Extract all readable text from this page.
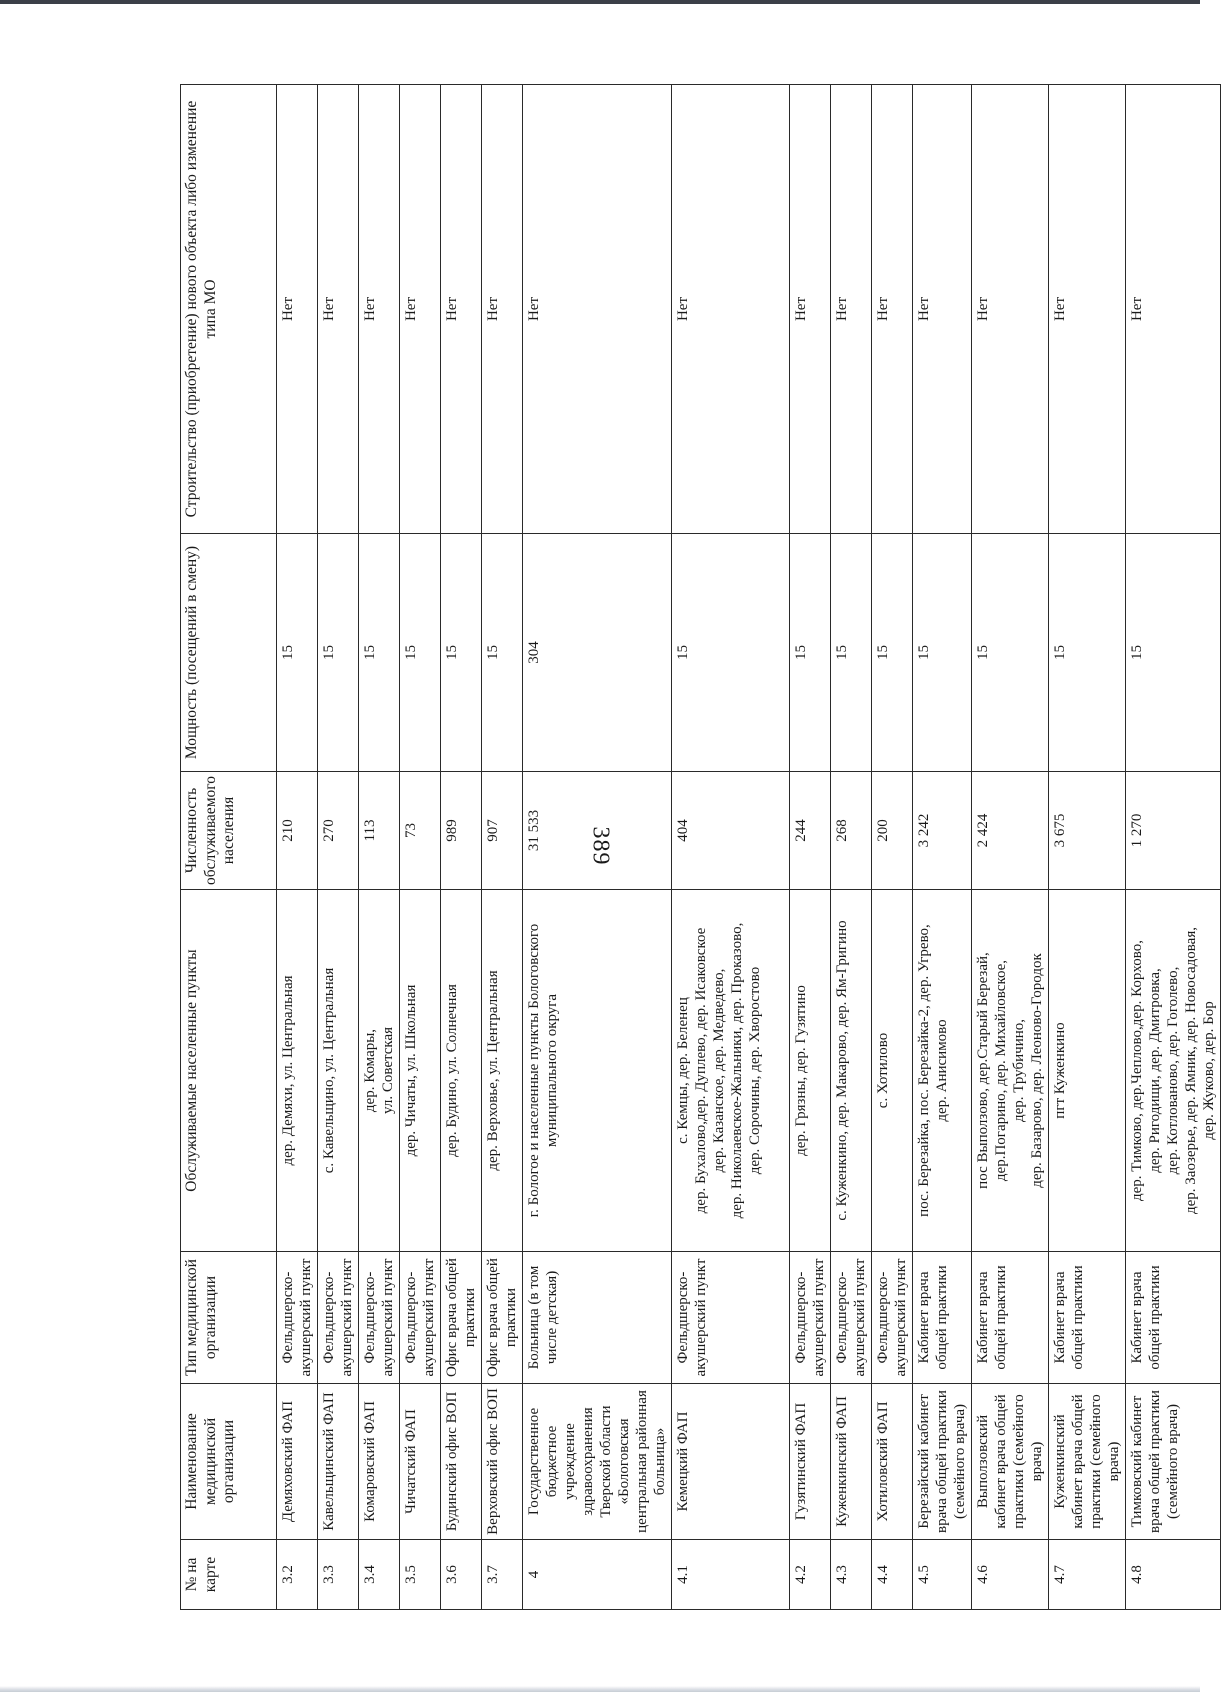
389
№ на карте	Наименование медицинской организации	Тип медицинской организации	Обслуживаемые населенные пункты	Численность обслуживаемого населения	Мощность (посещений в смену)	Строительство (приобретение) нового объекта либо изменение типа МО
3.2	Демяховский ФАП	Фельдшерско-акушерский пункт	дер. Демяхи, ул. Центральная	210	15	Нет
3.3	Кавельщинский ФАП	Фельдшерско-акушерский пункт	с. Кавельщино, ул. Центральная	270	15	Нет
3.4	Комаровский ФАП	Фельдшерско-акушерский пункт	дер. Комары, ул. Советская	113	15	Нет
3.5	Чичатский ФАП	Фельдшерско-акушерский пункт	дер. Чичаты, ул. Школьная	73	15	Нет
3.6	Будинский офис ВОП	Офис врача общей практики	дер. Будино, ул. Солнечная	989	15	Нет
3.7	Верховский офис ВОП	Офис врача общей практики	дер. Верховье, ул. Центральная	907	15	Нет
4	Государственное бюджетное учреждение здравоохранения Тверской области «Бологовская центральная районная больница»	Больница (в том числе детская)	г. Бологое и населенные пункты Бологовского муниципального округа	31 533	304	Нет
4.1	Кемецкий ФАП	Фельдшерско-акушерский пункт	с. Кемцы, дер. Беленец дер. Бухалово,дер. Дуплево, дер. Исаковское дер. Казанское, дер. Медведево, дер. Николаевское-Жальники, дер. Проказово, дер. Сорочины, дер. Хворостово	404	15	Нет
4.2	Гузятинский ФАП	Фельдшерско-акушерский пункт	дер. Грязны, дер. Гузятино	244	15	Нет
4.3	Куженкинский ФАП	Фельдшерско-акушерский пункт	с. Куженкино, дер. Макарово, дер. Ям-Григино	268	15	Нет
4.4	Хотиловский ФАП	Фельдшерско-акушерский пункт	с. Хотилово	200	15	Нет
4.5	Березайский кабинет врача общей практики (семейного врача)	Кабинет врача общей практики	пос. Березайка, пос. Березайка-2, дер. Угрево, дер. Анисимово	3 242	15	Нет
4.6	Выползовский кабинет врача общей практики (семейного врача)	Кабинет врача общей практики	пос Выползово, дер.Старый Березай, дер.Погарино, дер. Михайловское, дер. Трубичино, дер. Базарово, дер. Леоново-Городок	2 424	15	Нет
4.7	Куженкинский кабинет врача общей практики (семейного врача)	Кабинет врача общей практики	пгт Куженкино	3 675	15	Нет
4.8	Тимковский кабинет врача общей практики (семейного врача)	Кабинет врача общей практики	дер. Тимково, дер.Чеплово,дер. Корхово, дер. Ригодищи, дер. Дмитровка, дер. Котлованово, дер. Гоголево, дер. Заозерье, дер. Ямник, дер. Новосадовая, дер. Жуково, дер. Бор	1 270	15	Нет
